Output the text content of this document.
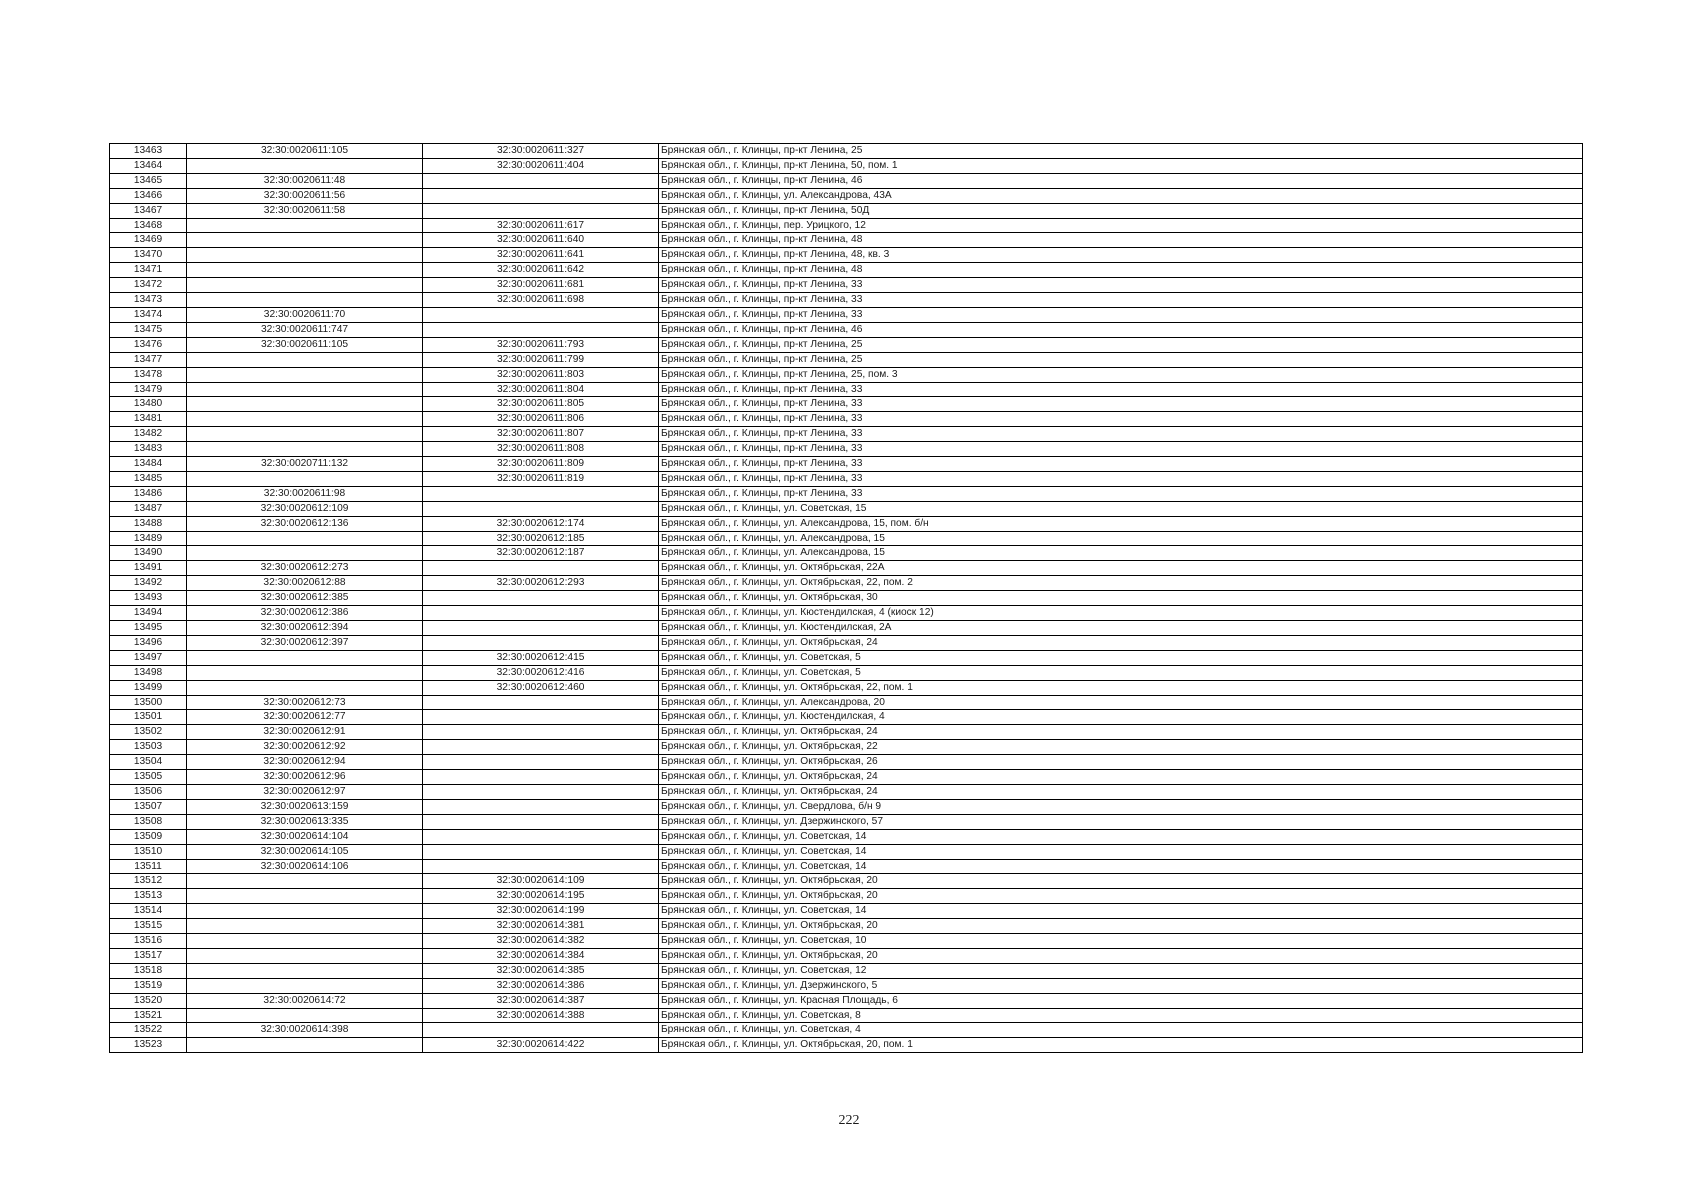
13463	32:30:0020611:105	32:30:0020611:327	Брянская обл., г. Клинцы, пр-кт Ленина, 25
13464		32:30:0020611:404	Брянская обл., г. Клинцы, пр-кт Ленина, 50, пом. 1
13465	32:30:0020611:48		Брянская обл., г. Клинцы, пр-кт Ленина, 46
13466	32:30:0020611:56		Брянская обл., г. Клинцы, ул. Александрова, 43А
13467	32:30:0020611:58		Брянская обл., г. Клинцы, пр-кт Ленина, 50Д
13468		32:30:0020611:617	Брянская обл., г. Клинцы, пер. Урицкого, 12
13469		32:30:0020611:640	Брянская обл., г. Клинцы, пр-кт Ленина, 48
13470		32:30:0020611:641	Брянская обл., г. Клинцы, пр-кт Ленина, 48, кв. 3
13471		32:30:0020611:642	Брянская обл., г. Клинцы, пр-кт Ленина, 48
13472		32:30:0020611:681	Брянская обл., г. Клинцы, пр-кт Ленина, 33
13473		32:30:0020611:698	Брянская обл., г. Клинцы, пр-кт Ленина, 33
13474	32:30:0020611:70		Брянская обл., г. Клинцы, пр-кт Ленина, 33
13475	32:30:0020611:747		Брянская обл., г. Клинцы, пр-кт Ленина, 46
13476	32:30:0020611:105	32:30:0020611:793	Брянская обл., г. Клинцы, пр-кт Ленина, 25
13477		32:30:0020611:799	Брянская обл., г. Клинцы, пр-кт Ленина, 25
13478		32:30:0020611:803	Брянская обл., г. Клинцы, пр-кт Ленина, 25, пом. 3
13479		32:30:0020611:804	Брянская обл., г. Клинцы, пр-кт Ленина, 33
13480		32:30:0020611:805	Брянская обл., г. Клинцы, пр-кт Ленина, 33
13481		32:30:0020611:806	Брянская обл., г. Клинцы, пр-кт Ленина, 33
13482		32:30:0020611:807	Брянская обл., г. Клинцы, пр-кт Ленина, 33
13483		32:30:0020611:808	Брянская обл., г. Клинцы, пр-кт Ленина, 33
13484	32:30:0020711:132	32:30:0020611:809	Брянская обл., г. Клинцы, пр-кт Ленина, 33
13485		32:30:0020611:819	Брянская обл., г. Клинцы, пр-кт Ленина, 33
13486	32:30:0020611:98		Брянская обл., г. Клинцы, пр-кт Ленина, 33
13487	32:30:0020612:109		Брянская обл., г. Клинцы, ул. Советская, 15
13488	32:30:0020612:136	32:30:0020612:174	Брянская обл., г. Клинцы, ул. Александрова, 15, пом. б/н
13489		32:30:0020612:185	Брянская обл., г. Клинцы, ул. Александрова, 15
13490		32:30:0020612:187	Брянская обл., г. Клинцы, ул. Александрова, 15
13491	32:30:0020612:273		Брянская обл., г. Клинцы, ул. Октябрьская, 22А
13492	32:30:0020612:88	32:30:0020612:293	Брянская обл., г. Клинцы, ул. Октябрьская, 22, пом. 2
13493	32:30:0020612:385		Брянская обл., г. Клинцы, ул. Октябрьская, 30
13494	32:30:0020612:386		Брянская обл., г. Клинцы, ул. Кюстендилская, 4 (киоск 12)
13495	32:30:0020612:394		Брянская обл., г. Клинцы, ул. Кюстендилская, 2А
13496	32:30:0020612:397		Брянская обл., г. Клинцы, ул. Октябрьская, 24
13497		32:30:0020612:415	Брянская обл., г. Клинцы, ул. Советская, 5
13498		32:30:0020612:416	Брянская обл., г. Клинцы, ул. Советская, 5
13499		32:30:0020612:460	Брянская обл., г. Клинцы, ул. Октябрьская, 22, пом. 1
13500	32:30:0020612:73		Брянская обл., г. Клинцы, ул. Александрова, 20
13501	32:30:0020612:77		Брянская обл., г. Клинцы, ул. Кюстендилская, 4
13502	32:30:0020612:91		Брянская обл., г. Клинцы, ул. Октябрьская, 24
13503	32:30:0020612:92		Брянская обл., г. Клинцы, ул. Октябрьская, 22
13504	32:30:0020612:94		Брянская обл., г. Клинцы, ул. Октябрьская, 26
13505	32:30:0020612:96		Брянская обл., г. Клинцы, ул. Октябрьская, 24
13506	32:30:0020612:97		Брянская обл., г. Клинцы, ул. Октябрьская, 24
13507	32:30:0020613:159		Брянская обл., г. Клинцы, ул. Свердлова, б/н 9
13508	32:30:0020613:335		Брянская обл., г. Клинцы, ул. Дзержинского, 57
13509	32:30:0020614:104		Брянская обл., г. Клинцы, ул. Советская, 14
13510	32:30:0020614:105		Брянская обл., г. Клинцы, ул. Советская, 14
13511	32:30:0020614:106		Брянская обл., г. Клинцы, ул. Советская, 14
13512		32:30:0020614:109	Брянская обл., г. Клинцы, ул. Октябрьская, 20
13513		32:30:0020614:195	Брянская обл., г. Клинцы, ул. Октябрьская, 20
13514		32:30:0020614:199	Брянская обл., г. Клинцы, ул. Советская, 14
13515		32:30:0020614:381	Брянская обл., г. Клинцы, ул. Октябрьская, 20
13516		32:30:0020614:382	Брянская обл., г. Клинцы, ул. Советская, 10
13517		32:30:0020614:384	Брянская обл., г. Клинцы, ул. Октябрьская, 20
13518		32:30:0020614:385	Брянская обл., г. Клинцы, ул. Советская, 12
13519		32:30:0020614:386	Брянская обл., г. Клинцы, ул. Дзержинского, 5
13520	32:30:0020614:72	32:30:0020614:387	Брянская обл., г. Клинцы, ул. Красная Площадь, 6
13521		32:30:0020614:388	Брянская обл., г. Клинцы, ул. Советская, 8
13522	32:30:0020614:398		Брянская обл., г. Клинцы, ул. Советская, 4
13523		32:30:0020614:422	Брянская обл., г. Клинцы, ул. Октябрьская, 20, пом. 1
222
